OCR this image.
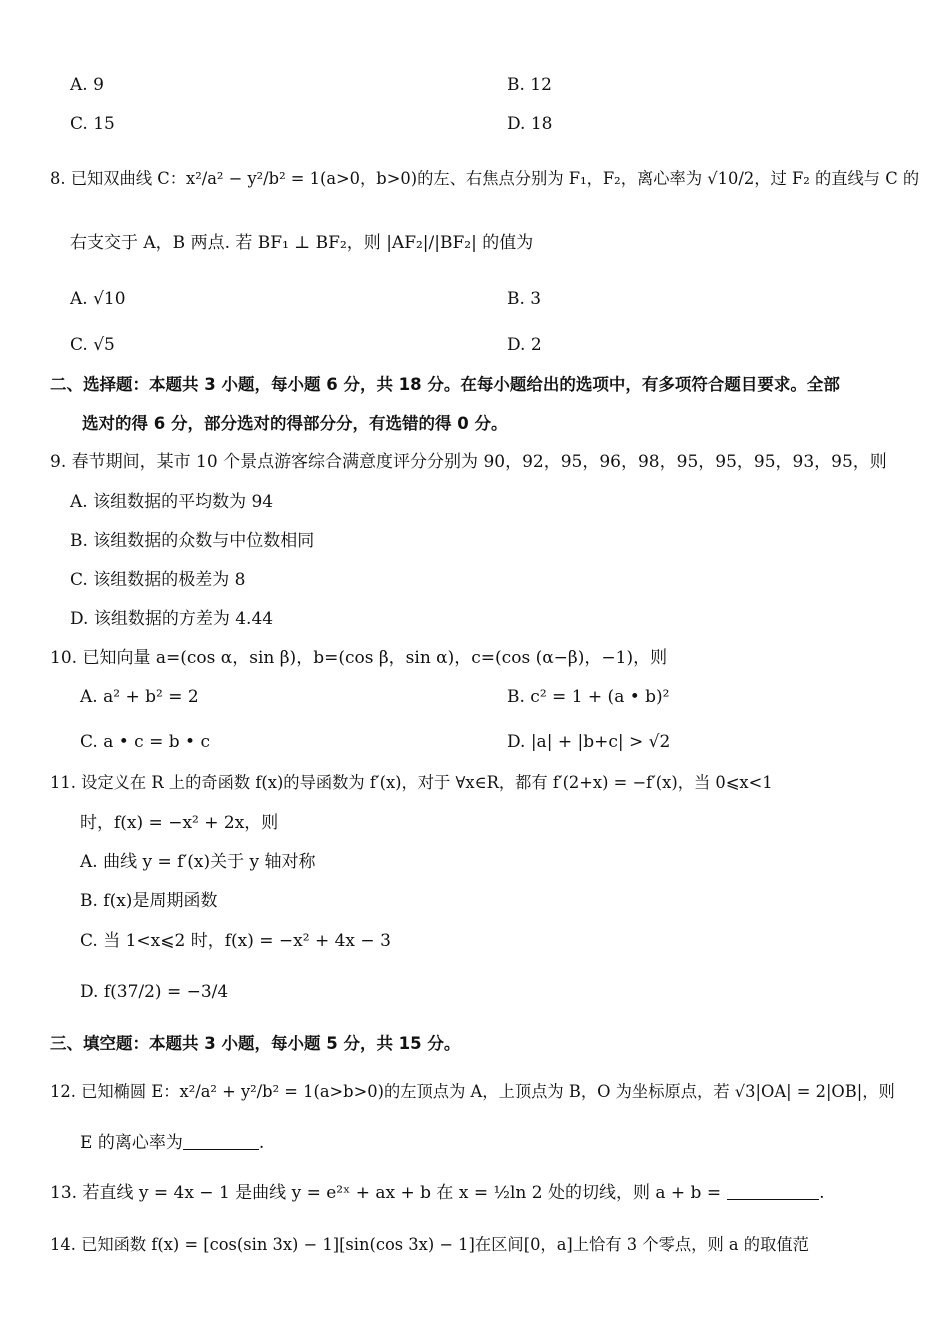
A. 9	B. 12
C. 15	D. 18
8. 已知双曲线 C：x²/a² − y²/b² = 1(a>0，b>0)的左、右焦点分别为 F₁，F₂，离心率为 √10/2，过 F₂ 的直线与 C 的
右支交于 A，B 两点. 若 BF₁ ⊥ BF₂，则 |AF₂|/|BF₂| 的值为
A. √10	B. 3
C. √5	D. 2
二、选择题：本题共 3 小题，每小题 6 分，共 18 分。在每小题给出的选项中，有多项符合题目要求。全部
选对的得 6 分，部分选对的得部分分，有选错的得 0 分。
9. 春节期间，某市 10 个景点游客综合满意度评分分别为 90，92，95，96，98，95，95，95，93，95，则
A. 该组数据的平均数为 94
B. 该组数据的众数与中位数相同
C. 该组数据的极差为 8
D. 该组数据的方差为 4.44
10. 已知向量 a=(cos α，sin β)，b=(cos β，sin α)，c=(cos (α−β)，−1)，则
A. a² + b² = 2	B. c² = 1 + (a • b)²
C. a • c = b • c	D. |a| + |b+c| > √2
11. 设定义在 R 上的奇函数 f(x)的导函数为 f′(x)，对于 ∀x∈R，都有 f′(2+x) = −f′(x)，当 0⩽x<1
时，f(x) = −x² + 2x，则
A. 曲线 y = f′(x)关于 y 轴对称
B. f(x)是周期函数
C. 当 1<x⩽2 时，f(x) = −x² + 4x − 3
D. f(37/2) = −3/4
三、填空题：本题共 3 小题，每小题 5 分，共 15 分。
12. 已知椭圆 E：x²/a² + y²/b² = 1(a>b>0)的左顶点为 A，上顶点为 B，O 为坐标原点，若 √3|OA| = 2|OB|，则
E 的离心率为	.
13. 若直线 y = 4x − 1 是曲线 y = e²ˣ + ax + b 在 x = ½ln 2 处的切线，则 a + b =	.
14. 已知函数 f(x) = [cos(sin 3x) − 1][sin(cos 3x) − 1]在区间[0，a]上恰有 3 个零点，则 a 的取值范
